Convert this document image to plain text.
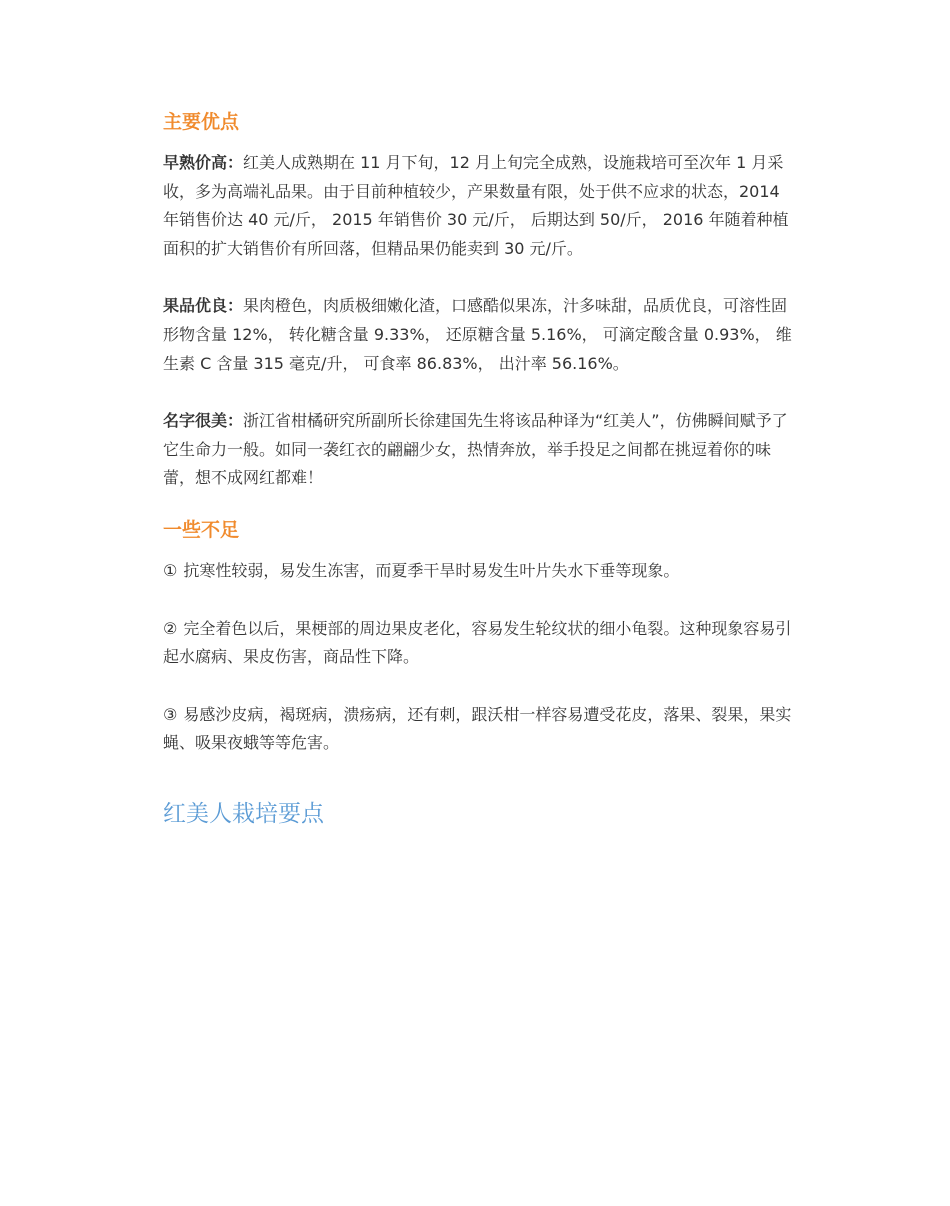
主要优点

早熟价高：红美人成熟期在 11 月下旬，12 月上旬完全成熟，设施栽培可至次年 1 月采收，多为高端礼品果。由于目前种植较少，产果数量有限，处于供不应求的状态，2014 年销售价达 40 元/斤， 2015 年销售价 30 元/斤， 后期达到 50/斤， 2016 年随着种植面积的扩大销售价有所回落，但精品果仍能卖到 30 元/斤。

果品优良：果肉橙色，肉质极细嫩化渣，口感酷似果冻，汁多味甜，品质优良，可溶性固形物含量 12%， 转化糖含量 9.33%， 还原糖含量 5.16%， 可滴定酸含量 0.93%， 维生素 C 含量 315 毫克/升， 可食率 86.83%， 出汁率 56.16%。

名字很美：浙江省柑橘研究所副所长徐建国先生将该品种译为“红美人”，仿佛瞬间赋予了它生命力一般。如同一袭红衣的翩翩少女，热情奔放，举手投足之间都在挑逗着你的味蕾，想不成网红都难！

一些不足

① 抗寒性较弱，易发生冻害，而夏季干旱时易发生叶片失水下垂等现象。

② 完全着色以后，果梗部的周边果皮老化，容易发生轮纹状的细小龟裂。这种现象容易引起水腐病、果皮伤害，商品性下降。

③ 易感沙皮病，褐斑病，溃疡病，还有刺，跟沃柑一样容易遭受花皮，落果、裂果，果实蝇、吸果夜蛾等等危害。

红美人栽培要点
